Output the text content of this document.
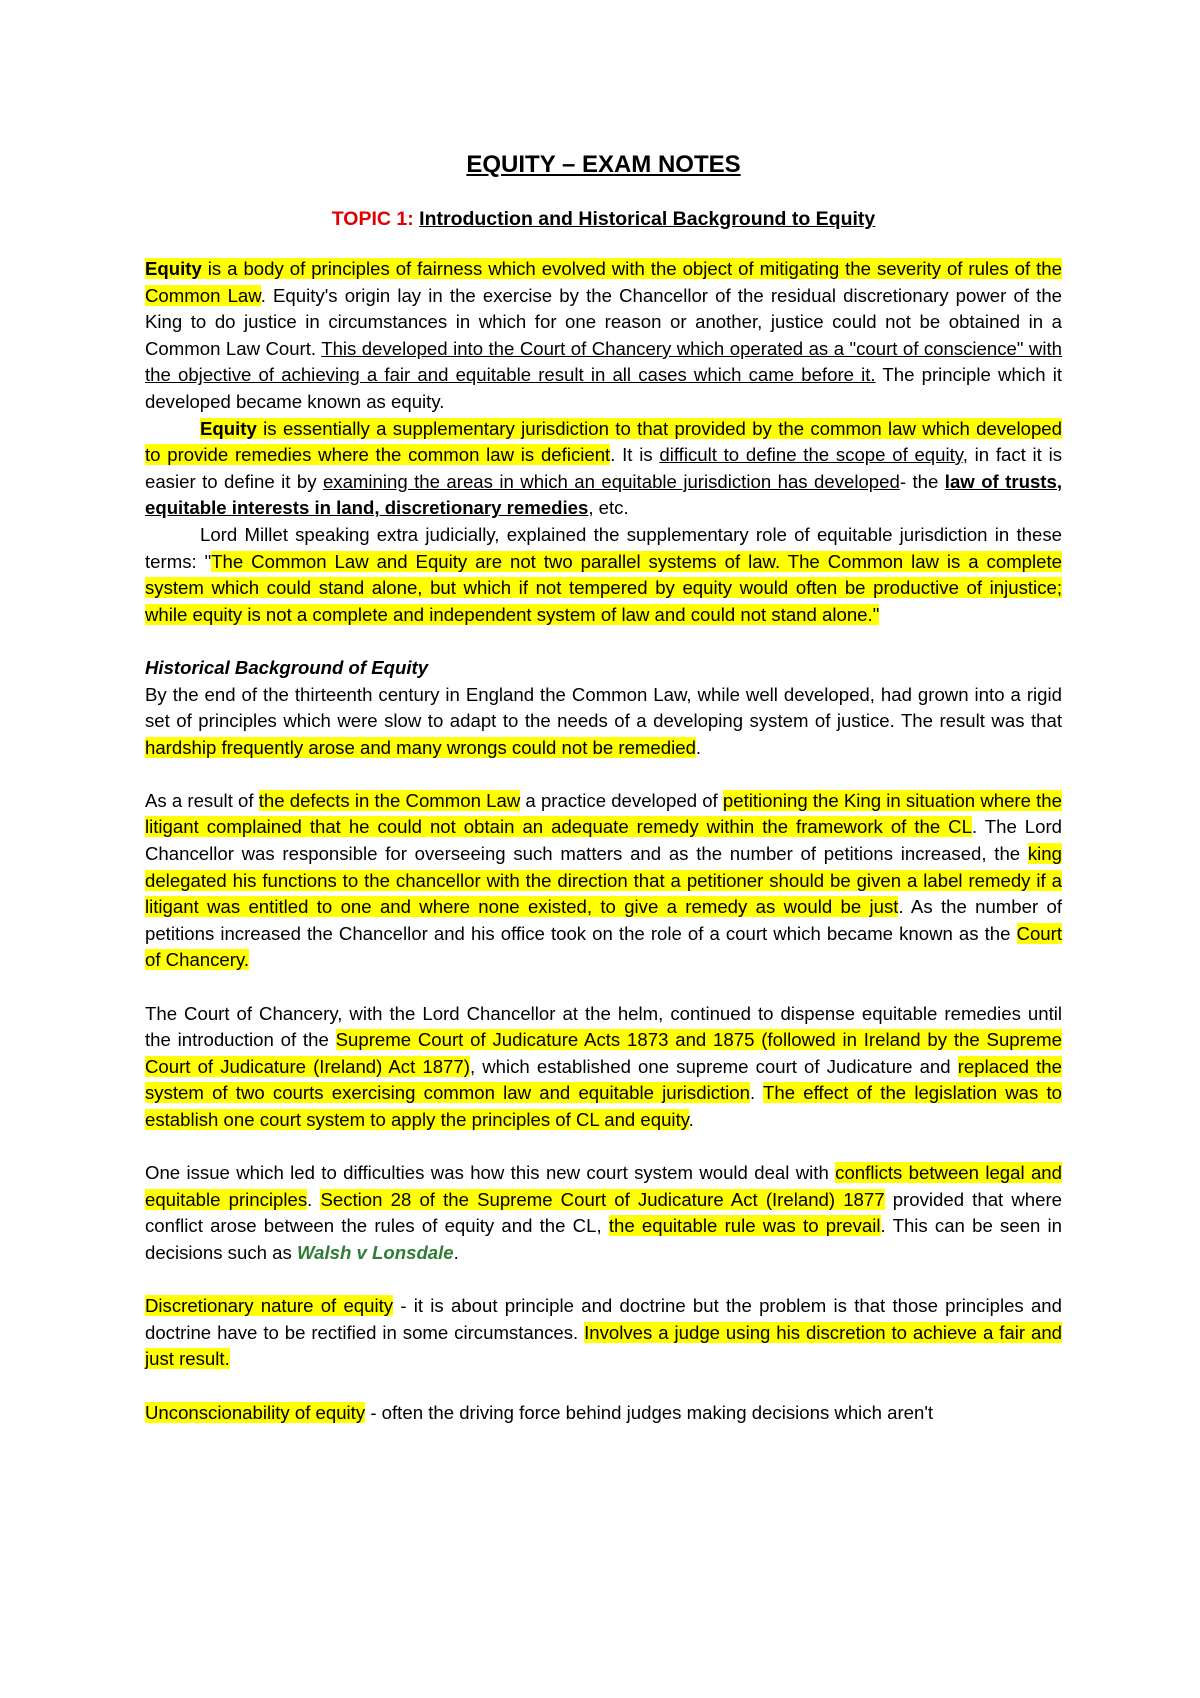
EQUITY – EXAM NOTES
TOPIC 1: Introduction and Historical Background to Equity

Equity is a body of principles of fairness which evolved with the object of mitigating the severity of rules of the Common Law. Equity's origin lay in the exercise by the Chancellor of the residual discretionary power of the King to do justice in circumstances in which for one reason or another, justice could not be obtained in a Common Law Court. This developed into the Court of Chancery which operated as a "court of conscience" with the objective of achieving a fair and equitable result in all cases which came before it. The principle which it developed became known as equity.

Equity is essentially a supplementary jurisdiction to that provided by the common law which developed to provide remedies where the common law is deficient. It is difficult to define the scope of equity, in fact it is easier to define it by examining the areas in which an equitable jurisdiction has developed- the law of trusts, equitable interests in land, discretionary remedies, etc.

Lord Millet speaking extra judicially, explained the supplementary role of equitable jurisdiction in these terms: "The Common Law and Equity are not two parallel systems of law. The Common law is a complete system which could stand alone, but which if not tempered by equity would often be productive of injustice; while equity is not a complete and independent system of law and could not stand alone."

Historical Background of Equity

By the end of the thirteenth century in England the Common Law, while well developed, had grown into a rigid set of principles which were slow to adapt to the needs of a developing system of justice. The result was that hardship frequently arose and many wrongs could not be remedied.

As a result of the defects in the Common Law a practice developed of petitioning the King in situation where the litigant complained that he could not obtain an adequate remedy within the framework of the CL. The Lord Chancellor was responsible for overseeing such matters and as the number of petitions increased, the king delegated his functions to the chancellor with the direction that a petitioner should be given a label remedy if a litigant was entitled to one and where none existed, to give a remedy as would be just. As the number of petitions increased the Chancellor and his office took on the role of a court which became known as the Court of Chancery.

The Court of Chancery, with the Lord Chancellor at the helm, continued to dispense equitable remedies until the introduction of the Supreme Court of Judicature Acts 1873 and 1875 (followed in Ireland by the Supreme Court of Judicature (Ireland) Act 1877), which established one supreme court of Judicature and replaced the system of two courts exercising common law and equitable jurisdiction. The effect of the legislation was to establish one court system to apply the principles of CL and equity.

One issue which led to difficulties was how this new court system would deal with conflicts between legal and equitable principles. Section 28 of the Supreme Court of Judicature Act (Ireland) 1877 provided that where conflict arose between the rules of equity and the CL, the equitable rule was to prevail. This can be seen in decisions such as Walsh v Lonsdale.

Discretionary nature of equity - it is about principle and doctrine but the problem is that those principles and doctrine have to be rectified in some circumstances. Involves a judge using his discretion to achieve a fair and just result.

Unconscionability of equity - often the driving force behind judges making decisions which aren't
